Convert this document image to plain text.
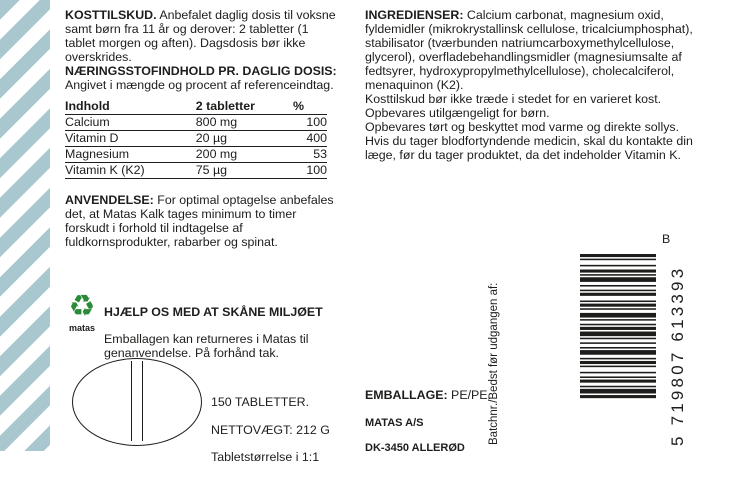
KOSTTILSKUD. Anbefalet daglig dosis til voksne samt børn fra 11 år og derover: 2 tabletter (1 tablet morgen og aften). Dagsdosis bør ikke overskrides.

NÆRINGSSTOFINDHOLD PR. DAGLIG DOSIS:

Angivet i mængde og procent af referenceindtag.

Indhold	2 tabletter	%
Calcium	800 mg	100
Vitamin D	20 µg	400
Magnesium	200 mg	53
Vitamin K (K2)	75 µg	100

ANVENDELSE: For optimal optagelse anbefales det, at Matas Kalk tages minimum to timer forskudt i forhold til indtagelse af fuldkornsprodukter, rabarber og spinat.

♻
matas

HJÆLP OS MED AT SKÅNE MILJØET

Emballagen kan returneres i Matas til genanvendelse. På forhånd tak.

150 TABLETTER.

NETTOVÆGT: 212 G

Tabletstørrelse i 1:1

INGREDIENSER: Calcium carbonat, magnesium oxid, fyldemidler (mikrokrystallinsk cellulose, tricalciumphosphat), stabilisator (tværbunden natriumcarboxymethylcellulose, glycerol), overfladebehandlingsmidler (magnesiumsalte af fedtsyrer, hydroxypropylmethylcellulose), cholecalciferol, menaquinon (K2).

Kosttilskud bør ikke træde i stedet for en varieret kost.

Opbevares utilgængeligt for børn.

Opbevares tørt og beskyttet mod varme og direkte sollys.

Hvis du tager blodfortyndende medicin, skal du kontakte din læge, før du tager produktet, da det indeholder Vitamin K.

EMBALLAGE: PE/PE.

MATAS A/S

DK-3450 ALLERØD

Batchnr./Bedst før udgangen af:
B
5 719807 613393
